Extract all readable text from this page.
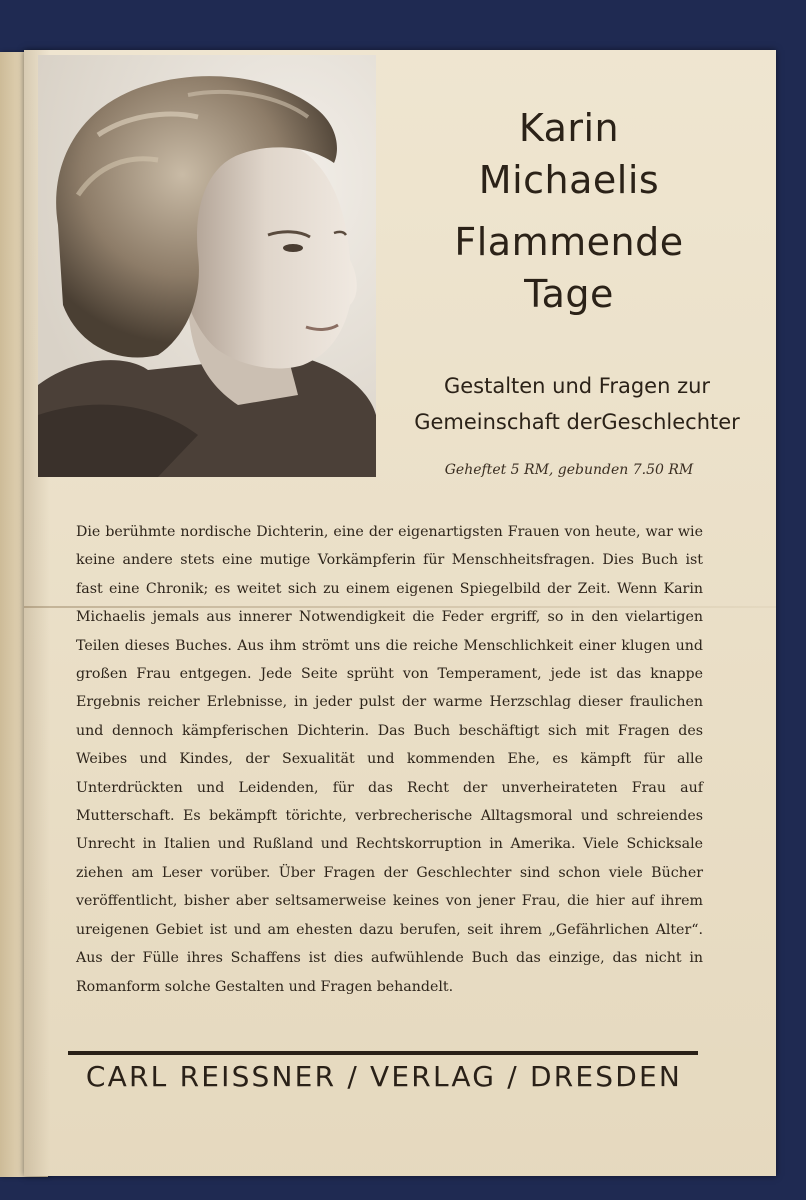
Karin
Michaelis
Flammende
Tage
Gestalten und Fragen zur
Gemeinschaft derGeschlechter
Geheftet 5 RM, gebunden 7.50 RM
Die berühmte nordische Dichterin, eine der eigenartigsten Frauen von heute, war wie keine andere stets eine mutige Vorkämpferin für Menschheitsfragen. Dies Buch ist fast eine Chronik; es weitet sich zu einem eigenen Spiegelbild der Zeit. Wenn Karin Michaelis jemals aus innerer Notwendigkeit die Feder ergriff, so in den vielartigen Teilen dieses Buches. Aus ihm strömt uns die reiche Menschlichkeit einer klugen und großen Frau entgegen. Jede Seite sprüht von Temperament, jede ist das knappe Ergebnis reicher Erlebnisse, in jeder pulst der warme Herzschlag dieser fraulichen und dennoch kämpferischen Dichterin. Das Buch beschäftigt sich mit Fragen des Weibes und Kindes, der Sexualität und kommenden Ehe, es kämpft für alle Unterdrückten und Leidenden, für das Recht der unverheirateten Frau auf Mutterschaft. Es bekämpft törichte, verbrecherische Alltagsmoral und schreiendes Unrecht in Italien und Rußland und Rechtskorruption in Amerika. Viele Schicksale ziehen am Leser vorüber. Über Fragen der Geschlechter sind schon viele Bücher veröffentlicht, bisher aber seltsamerweise keines von jener Frau, die hier auf ihrem ureigenen Gebiet ist und am ehesten dazu berufen, seit ihrem „Gefährlichen Alter“. Aus der Fülle ihres Schaffens ist dies aufwühlende Buch das einzige, das nicht in Romanform solche Gestalten und Fragen behandelt.
CARL REISSNER / VERLAG / DRESDEN
